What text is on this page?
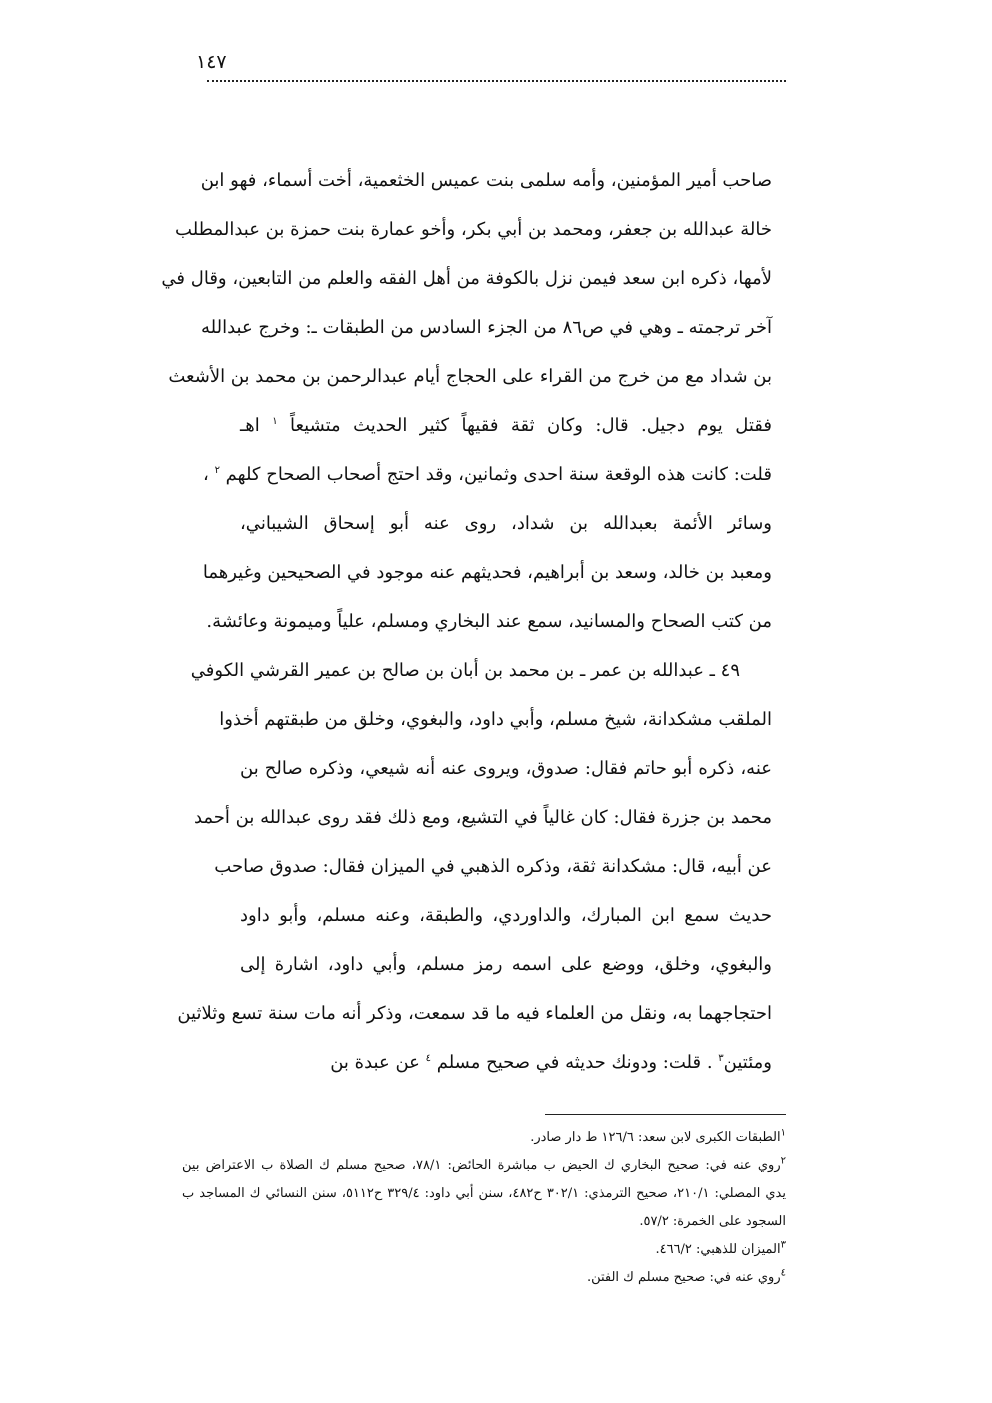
١٤٧
صاحب أمير المؤمنين، وأمه سلمى بنت عميس الخثعمية، أخت أسماء، فهو ابن
خالة عبدالله بن جعفر، ومحمد بن أبي بكر، وأخو عمارة بنت حمزة بن عبدالمطلب
لأمها، ذكره ابن سعد فيمن نزل بالكوفة من أهل الفقه والعلم من التابعين، وقال في
آخر ترجمته ـ وهي في ص٨٦ من الجزء السادس من الطبقات ـ: وخرج عبدالله
بن شداد مع من خرج من القراء على الحجاج أيام عبدالرحمن بن محمد بن الأشعث
فقتل يوم دجيل. قال: وكان ثقة فقيهاً كثير الحديث متشيعاً $^١$ اهـ
قلت: كانت هذه الوقعة سنة احدى وثمانين، وقد احتج أصحاب الصحاح كلهم $^٢$ ،
وسائر الأئمة بعبدالله بن شداد، روى عنه أبو إسحاق الشيباني،
ومعبد بن خالد، وسعد بن أبراهيم، فحديثهم عنه موجود في الصحيحين وغيرهما
من كتب الصحاح والمسانيد، سمع عند البخاري ومسلم، علياً وميمونة وعائشة.
٤٩ ـ عبدالله بن عمر ـ بن محمد بن أبان بن صالح بن عمير القرشي الكوفي
الملقب مشكدانة، شيخ مسلم، وأبي داود، والبغوي، وخلق من طبقتهم أخذوا
عنه، ذكره أبو حاتم فقال: صدوق، ويروى عنه أنه شيعي، وذكره صالح بن
محمد بن جزرة فقال: كان غالياً في التشيع، ومع ذلك فقد روى عبدالله بن أحمد
عن أبيه، قال: مشكدانة ثقة، وذكره الذهبي في الميزان فقال: صدوق صاحب
حديث سمع ابن المبارك، والداوردي، والطبقة، وعنه مسلم، وأبو داود
والبغوي، وخلق، ووضع على اسمه رمز مسلم، وأبي داود، اشارة إلى
احتجاجهما به، ونقل من العلماء فيه ما قد سمعت، وذكر أنه مات سنة تسع وثلاثين
ومئتين$^٣$ . قلت: ودونك حديثه في صحيح مسلم $^٤$ عن عبدة بن
$^١$الطبقات الكبرى لابن سعد: ١٢٦/٦ ط دار صادر.
$^٢$روي عنه في: صحيح البخاري ك الحيض ب مباشرة الحائض: ٧٨/١، صحيح مسلم ك الصلاة ب الاعتراض بين
يدي المصلي: ٢١٠/١، صحيح الترمذي: ٣٠٢/١ ح٤٨٢، سنن أبي داود: ٣٢٩/٤ ح٥١١٢، سنن النسائي ك المساجد ب
السجود على الخمرة: ٥٧/٢.
$^٣$الميزان للذهبي: ٤٦٦/٢.
$^٤$روي عنه في: صحيح مسلم ك الفتن.
